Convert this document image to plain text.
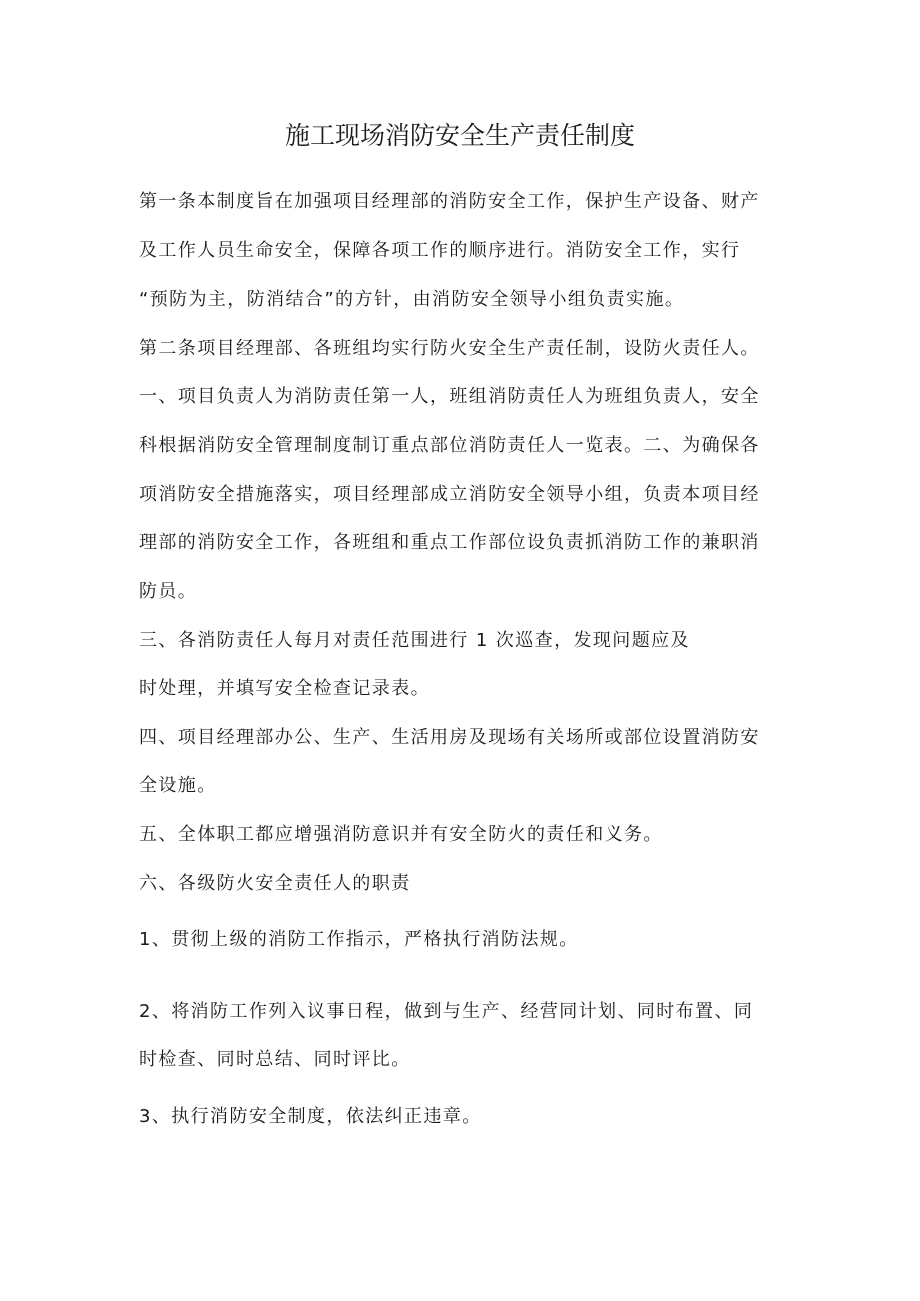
施工现场消防安全生产责任制度
第一条本制度旨在加强项目经理部的消防安全工作，保护生产设备、财产
及工作人员生命安全，保障各项工作的顺序进行。消防安全工作，实行
“预防为主，防消结合”的方针，由消防安全领导小组负责实施。
第二条项目经理部、各班组均实行防火安全生产责任制，设防火责任人。
一、项目负责人为消防责任第一人，班组消防责任人为班组负责人，安全
科根据消防安全管理制度制订重点部位消防责任人一览表。二、为确保各
项消防安全措施落实，项目经理部成立消防安全领导小组，负责本项目经
理部的消防安全工作，各班组和重点工作部位设负责抓消防工作的兼职消
防员。
三、各消防责任人每月对责任范围进行 1 次巡查，发现问题应及
时处理，并填写安全检查记录表。
四、项目经理部办公、生产、生活用房及现场有关场所或部位设置消防安
全设施。
五、全体职工都应增强消防意识并有安全防火的责任和义务。
六、各级防火安全责任人的职责
1、贯彻上级的消防工作指示，严格执行消防法规。
2、将消防工作列入议事日程，做到与生产、经营同计划、同时布置、同
时检查、同时总结、同时评比。
3、执行消防安全制度，依法纠正违章。
